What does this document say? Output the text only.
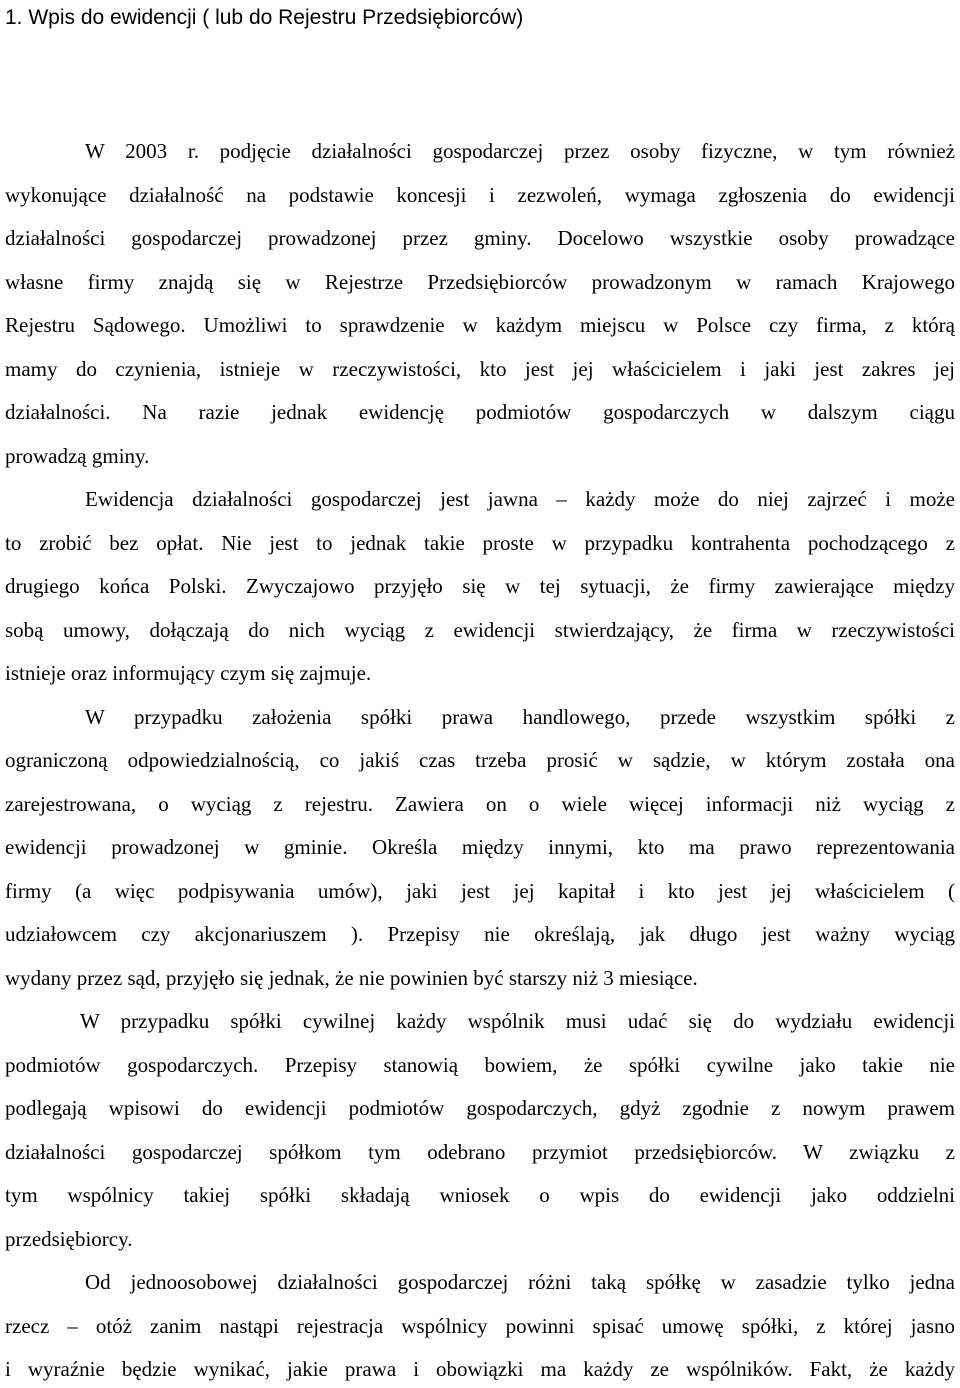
1. Wpis do ewidencji ( lub do Rejestru Przedsiębiorców)
W 2003 r. podjęcie działalności gospodarczej przez osoby fizyczne, w tym również
wykonujące działalność na podstawie koncesji i zezwoleń, wymaga zgłoszenia do ewidencji
działalności gospodarczej prowadzonej przez gminy. Docelowo wszystkie osoby prowadzące
własne firmy znajdą się w Rejestrze Przedsiębiorców prowadzonym w ramach Krajowego
Rejestru Sądowego. Umożliwi to sprawdzenie w każdym miejscu w Polsce czy firma, z którą
mamy do czynienia, istnieje w rzeczywistości, kto jest jej właścicielem i jaki jest zakres jej
działalności. Na razie jednak ewidencję podmiotów gospodarczych w dalszym ciągu
prowadzą gminy.
Ewidencja działalności gospodarczej jest jawna – każdy może do niej zajrzeć i może
to zrobić bez opłat. Nie jest to jednak takie proste w przypadku kontrahenta pochodzącego z
drugiego końca Polski. Zwyczajowo przyjęło się w tej sytuacji, że firmy zawierające między
sobą umowy, dołączają do nich wyciąg z ewidencji stwierdzający, że firma w rzeczywistości
istnieje oraz informujący czym się zajmuje.
W przypadku założenia spółki prawa handlowego, przede wszystkim spółki z
ograniczoną odpowiedzialnością, co jakiś czas trzeba prosić w sądzie, w którym została ona
zarejestrowana, o wyciąg z rejestru. Zawiera on o wiele więcej informacji niż wyciąg z
ewidencji prowadzonej w gminie. Określa między innymi, kto ma prawo reprezentowania
firmy (a więc podpisywania umów), jaki jest jej kapitał i kto jest jej właścicielem (
udziałowcem czy akcjonariuszem ). Przepisy nie określają, jak długo jest ważny wyciąg
wydany przez sąd, przyjęło się jednak, że nie powinien być starszy niż 3 miesiące.
W przypadku spółki cywilnej każdy wspólnik musi udać się do wydziału ewidencji
podmiotów gospodarczych. Przepisy stanowią bowiem, że spółki cywilne jako takie nie
podlegają wpisowi do ewidencji podmiotów gospodarczych, gdyż zgodnie z nowym prawem
działalności gospodarczej spółkom tym odebrano przymiot przedsiębiorców. W związku z
tym wspólnicy takiej spółki składają wniosek o wpis do ewidencji jako oddzielni
przedsiębiorcy.
Od jednoosobowej działalności gospodarczej różni taką spółkę w zasadzie tylko jedna
rzecz – otóż zanim nastąpi rejestracja wspólnicy powinni spisać umowę spółki, z której jasno
i wyraźnie będzie wynikać, jakie prawa i obowiązki ma każdy ze wspólników. Fakt, że każdy
